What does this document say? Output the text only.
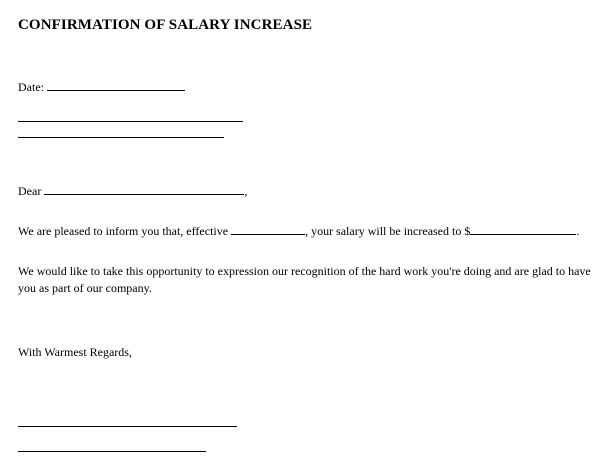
CONFIRMATION OF SALARY INCREASE
Date:
Dear	,
We are pleased to inform you that, effective	, your salary will be increased to $	.
We would like to take this opportunity to expression our recognition of the hard work you're doing and are glad to have you as part of our company.
With Warmest Regards,
